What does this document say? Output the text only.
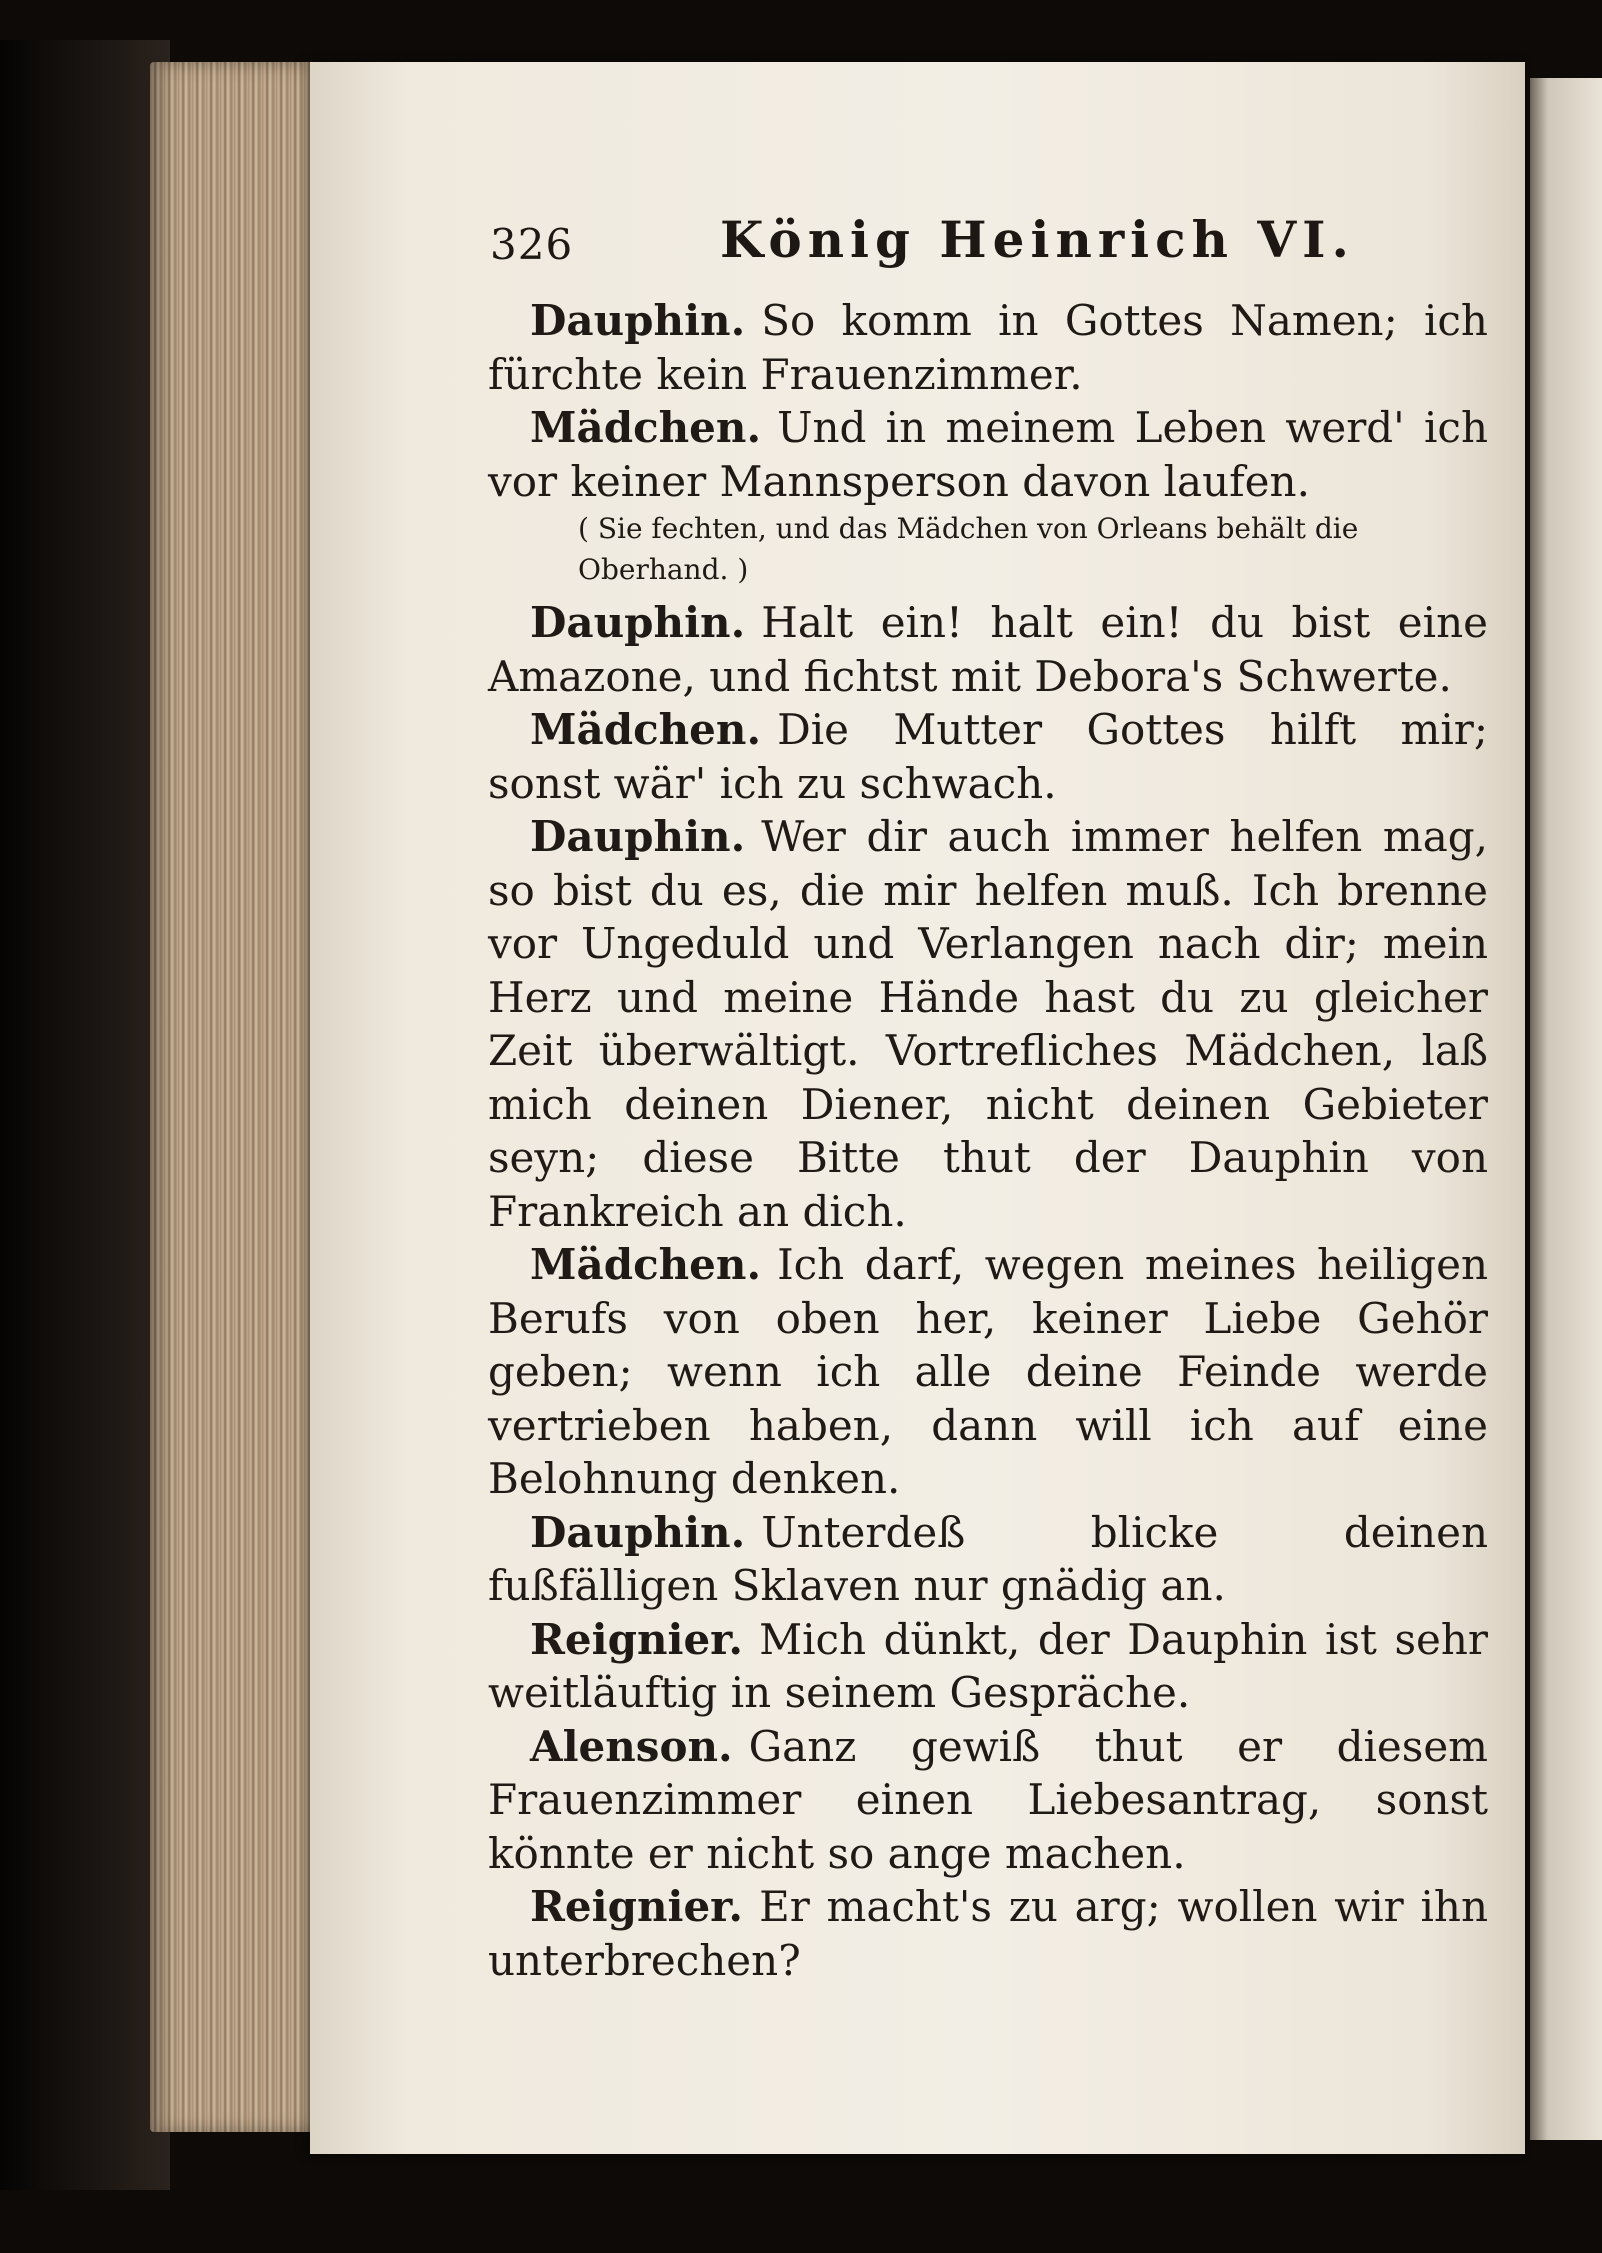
326	König Heinrich VI.

Dauphin. So komm in Gottes Namen; ich fürchte kein Frauenzimmer.

Mädchen. Und in meinem Leben werd' ich vor keiner Mannsperson davon laufen.

( Sie fechten, und das Mädchen von Orleans behält die Oberhand. )

Dauphin. Halt ein! halt ein! du bist eine Amazone, und fichtst mit Debora's Schwerte.

Mädchen. Die Mutter Gottes hilft mir; sonst wär' ich zu schwach.

Dauphin. Wer dir auch immer helfen mag, so bist du es, die mir helfen muß. Ich brenne vor Ungeduld und Verlangen nach dir; mein Herz und meine Hände hast du zu gleicher Zeit überwältigt. Vortrefliches Mädchen, laß mich deinen Diener, nicht deinen Gebieter seyn; diese Bitte thut der Dauphin von Frankreich an dich.

Mädchen. Ich darf, wegen meines heiligen Berufs von oben her, keiner Liebe Gehör geben; wenn ich alle deine Feinde werde vertrieben haben, dann will ich auf eine Belohnung denken.

Dauphin. Unterdeß blicke deinen fußfälligen Sklaven nur gnädig an.

Reignier. Mich dünkt, der Dauphin ist sehr weitläuftig in seinem Gespräche.

Alenson. Ganz gewiß thut er diesem Frauenzimmer einen Liebesantrag, sonst könnte er nicht so ange machen.

Reignier. Er macht's zu arg; wollen wir ihn unterbrechen?
